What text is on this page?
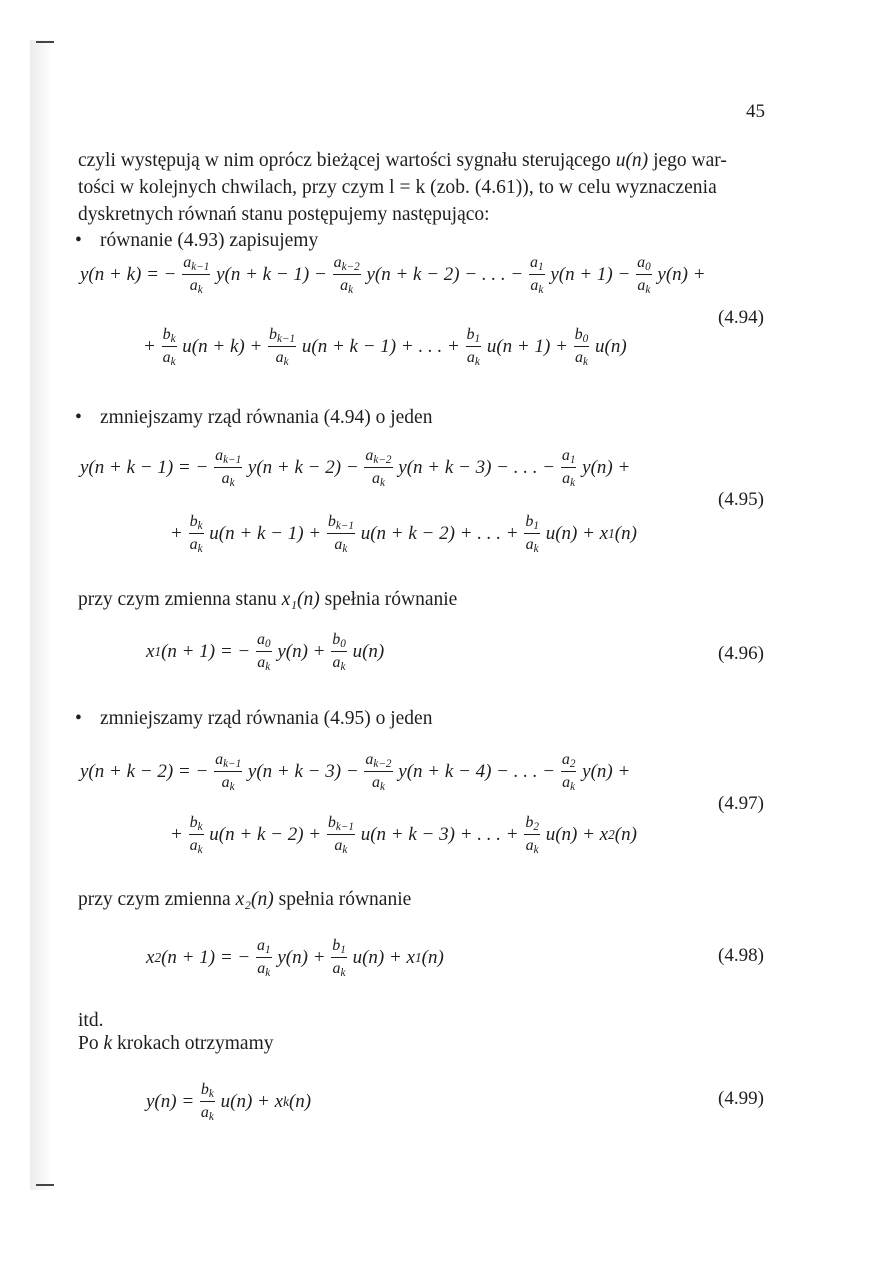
45

czyli występują w nim oprócz bieżącej wartości sygnału sterującego u(n) jego war-

tości w kolejnych chwilach, przy czym l = k (zob. (4.61)), to w celu wyznaczenia

dyskretnych równań stanu postępujemy następująco:

• równanie (4.93) zapisujemy
y(n + k) = − $\frac{a_{k-1}}{a_k} y(n + k - 1) - \frac{a_{k-2}}{a_k} y(n + k - 2)$ − . . . − $\frac{a_1}{a_k} y(n + 1) - \frac{a_0}{a_k} y(n)$ +
(4.94)
+ $\frac{b_k}{a_k} u(n + k) + \frac{b_{k-1}}{a_k} u(n + k - 1)$ + . . . + $\frac{b_1}{a_k} u(n + 1) + \frac{b_0}{a_k} u(n)$
• zmniejszamy rząd równania (4.94) o jeden
y(n + k − 1) = − $\frac{a_{k-1}}{a_k} y(n + k - 2) - \frac{a_{k-2}}{a_k} y(n + k - 3)$ − . . . − $\frac{a_1}{a_k} y(n)$ +
(4.95)
+ $\frac{b_k}{a_k} u(n + k - 1) + \frac{b_{k-1}}{a_k} u(n + k - 2)$ + . . . + $\frac{b_1}{a_k} u(n) + x$ 1 (n)

przy czym zmienna stanu x₁(n) spełnia równanie

x 1 (n + 1) = − $\frac{a_0}{a_k} y(n) + \frac{b_0}{a_k} u(n)$	(4.96)
• zmniejszamy rząd równania (4.95) o jeden
y(n + k − 2) = − $\frac{a_{k-1}}{a_k} y(n + k - 3) - \frac{a_{k-2}}{a_k} y(n + k - 4)$ − . . . − $\frac{a_2}{a_k} y(n)$ +
(4.97)
+ $\frac{b_k}{a_k} u(n + k - 2) + \frac{b_{k-1}}{a_k} u(n + k - 3)$ + . . . + $\frac{b_2}{a_k} u(n) + x$ 2 (n)

przy czym zmienna x₂(n) spełnia równanie

x 2 (n + 1) = − $\frac{a_1}{a_k} y(n) + \frac{b_1}{a_k} u(n) + x$ 1 (n)	(4.98)

itd.

Po k krokach otrzymamy

$y(n) = \frac{b_k}{a_k} u(n) + x$ k (n)	(4.99)
